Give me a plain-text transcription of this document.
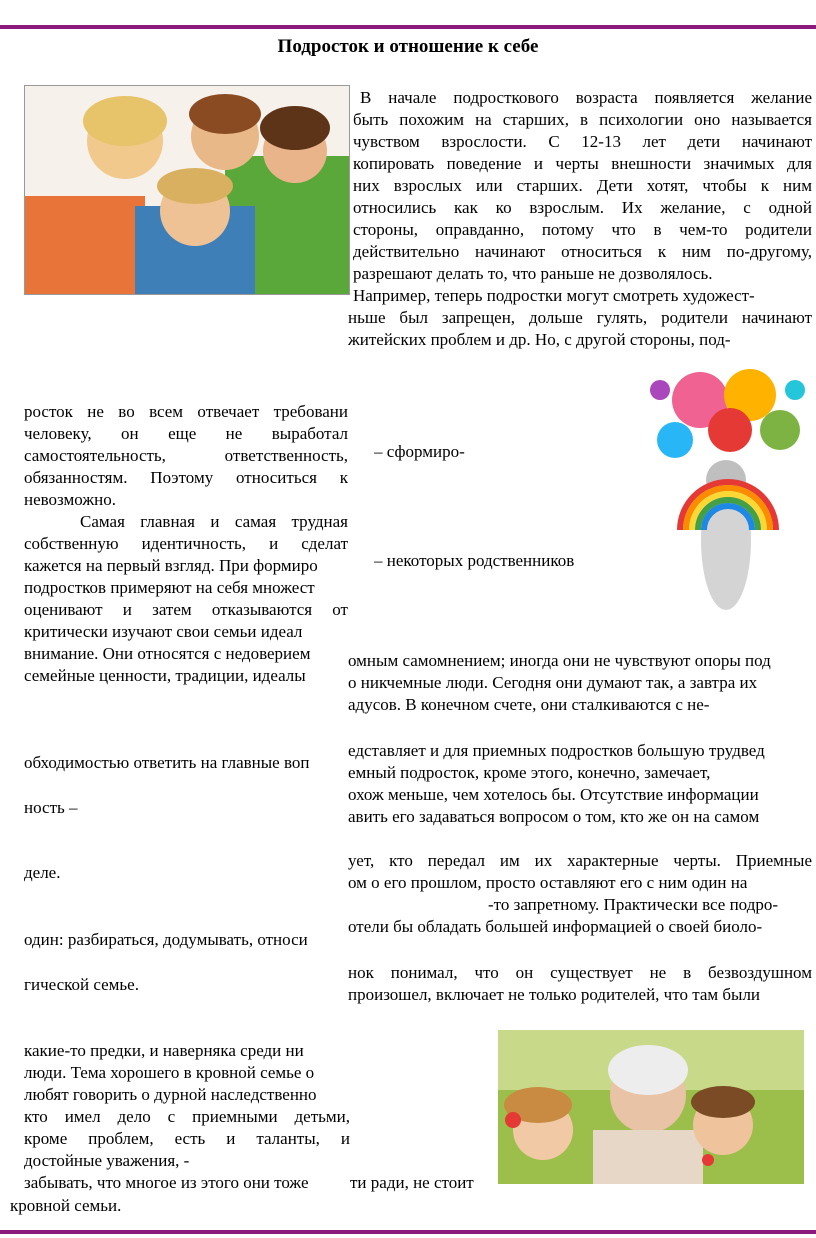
Подросток и отношение к себе
В начале подросткового возраста появляется желание
быть похожим на старших, в психологии оно называется
чувством взрослости. С 12-13 лет дети начинают
копировать поведение и черты внешности значимых для
них взрослых или старших. Дети хотят, чтобы к ним
относились как ко взрослым. Их желание, с одной
стороны, оправданно, потому что в чем-то родители
действительно начинают относиться к ним по-другому,
разрешают делать то, что раньше не дозволялось.
Например, теперь подростки могут смотреть художест-
ньше был запрещен, дольше гулять, родители начинают
житейских проблем и др. Но, с другой стороны, под-
росток не во всем отвечает требовани
человеку, он еще не выработал
самостоятельность, ответственность,
обязанностям. Поэтому относиться к
невозможно.
Самая главная и самая трудная
собственную идентичность, и сделат
кажется на первый взгляд. При формиро
подростков примеряют на себя множест
оценивают и затем отказываются от
критически изучают свои семьи идеал
внимание. Они относятся с недоверием
семейные ценности, традиции, идеалы
– сформиро-
– некоторых родственников
омным самомнением; иногда они не чувствуют опоры под
о никчемные люди. Сегодня они думают так, а завтра их
адусов. В конечном счете, они сталкиваются с не-
едставляет и для приемных подростков большую трудвед
обходимостью ответить на главные воп
емный подросток, кроме этого, конечно, замечает,
охож меньше, чем хотелось бы. Отсутствие информации
ность –	авить его задаваться вопросом о том, кто же он на самом
ует, кто передал им их характерные черты. Приемные
деле.
ом о его прошлом, просто оставляют его с ним один на
-то запретному. Практически все подро-
отели бы обладать большей информацией о своей биоло-
один: разбираться, додумывать, относи
нок понимал, что он существует не в безвоздушном
гической семье.
произошел, включает не только родителей, что там были
какие-то предки, и наверняка среди ни
люди. Тема хорошего в кровной семье о
любят говорить о дурной наследственно
кто имел дело с приемными детьми,
кроме проблем, есть и таланты, и
достойные уважения, -
забывать, что многое из этого они тоже	ти ради, не стоит
кровной семьи.
